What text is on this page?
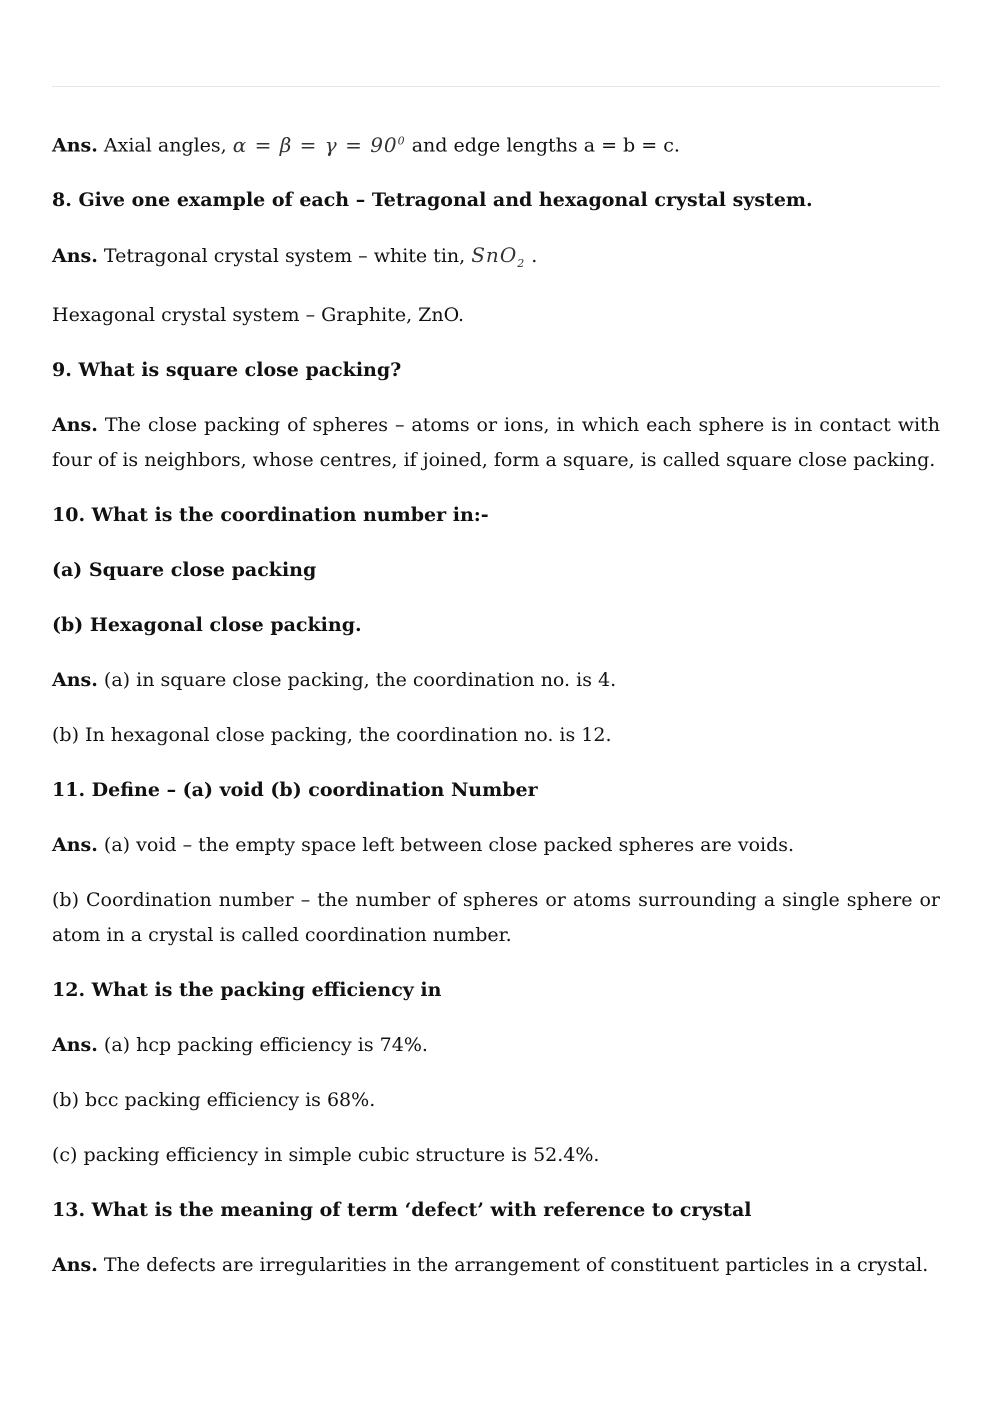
Ans. Axial angles, $\alpha = \beta = \gamma = 90^0$ and edge lengths a = b = c.

8. Give one example of each – Tetragonal and hexagonal crystal system.

Ans. Tetragonal crystal system – white tin, SnO$_2$ .

Hexagonal crystal system – Graphite, ZnO.

9. What is square close packing?

Ans. The close packing of spheres – atoms or ions, in which each sphere is in contact with four of is neighbors, whose centres, if joined, form a square, is called square close packing.

10. What is the coordination number in:-

(a) Square close packing

(b) Hexagonal close packing.

Ans. (a) in square close packing, the coordination no. is 4.

(b) In hexagonal close packing, the coordination no. is 12.

11. Define – (a) void (b) coordination Number

Ans. (a) void – the empty space left between close packed spheres are voids.

(b) Coordination number – the number of spheres or atoms surrounding a single sphere or atom in a crystal is called coordination number.

12. What is the packing efficiency in

Ans. (a) hcp packing efficiency is 74%.

(b) bcc packing efficiency is 68%.

(c) packing efficiency in simple cubic structure is 52.4%.

13. What is the meaning of term ‘defect’ with reference to crystal

Ans. The defects are irregularities in the arrangement of constituent particles in a crystal.
